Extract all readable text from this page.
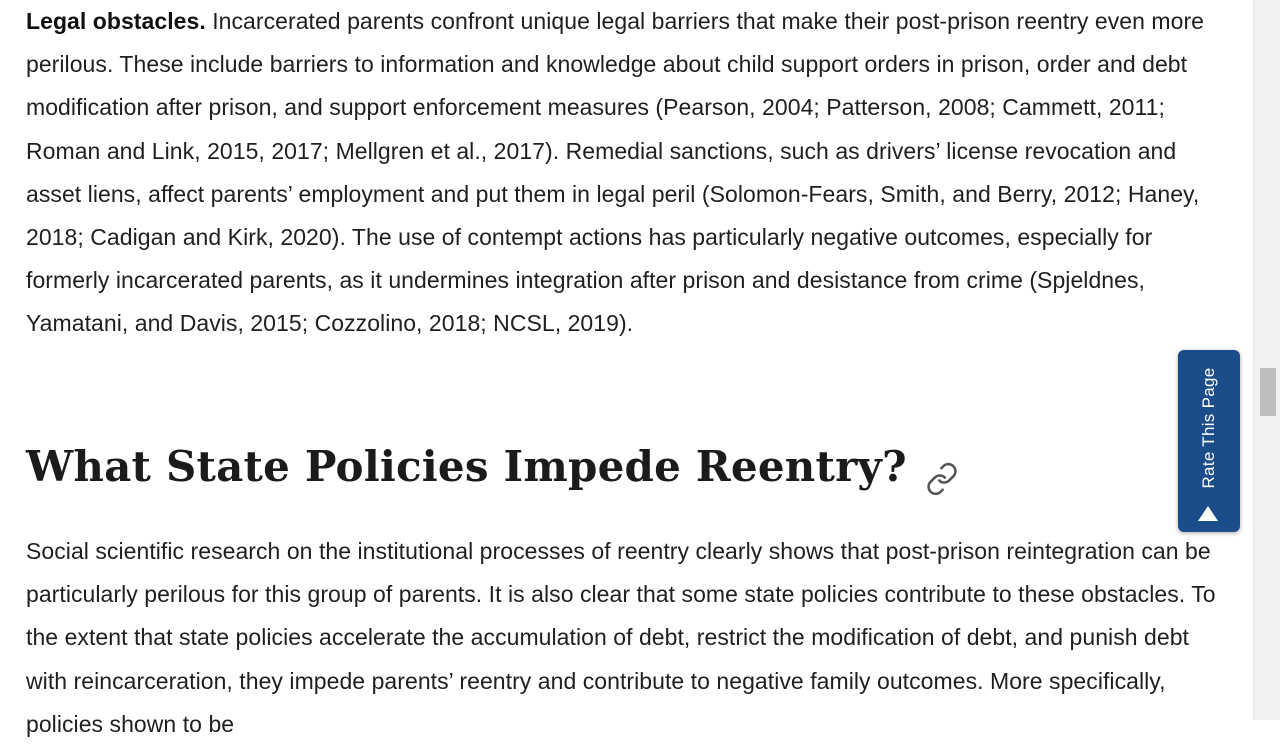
Legal obstacles. Incarcerated parents confront unique legal barriers that make their post-prison reentry even more perilous. These include barriers to information and knowledge about child support orders in prison, order and debt modification after prison, and support enforcement measures (Pearson, 2004; Patterson, 2008; Cammett, 2011; Roman and Link, 2015, 2017; Mellgren et al., 2017). Remedial sanctions, such as drivers’ license revocation and asset liens, affect parents’ employment and put them in legal peril (Solomon-Fears, Smith, and Berry, 2012; Haney, 2018; Cadigan and Kirk, 2020). The use of contempt actions has particularly negative outcomes, especially for formerly incarcerated parents, as it undermines integration after prison and desistance from crime (Spjeldnes, Yamatani, and Davis, 2015; Cozzolino, 2018; NCSL, 2019).

What State Policies Impede Reentry?

Social scientific research on the institutional processes of reentry clearly shows that post-prison reintegration can be particularly perilous for this group of parents. It is also clear that some state policies contribute to these obstacles. To the extent that state policies accelerate the accumulation of debt, restrict the modification of debt, and punish debt with reincarceration, they impede parents’ reentry and contribute to negative family outcomes. More specifically, policies shown to be

Rate This Page
